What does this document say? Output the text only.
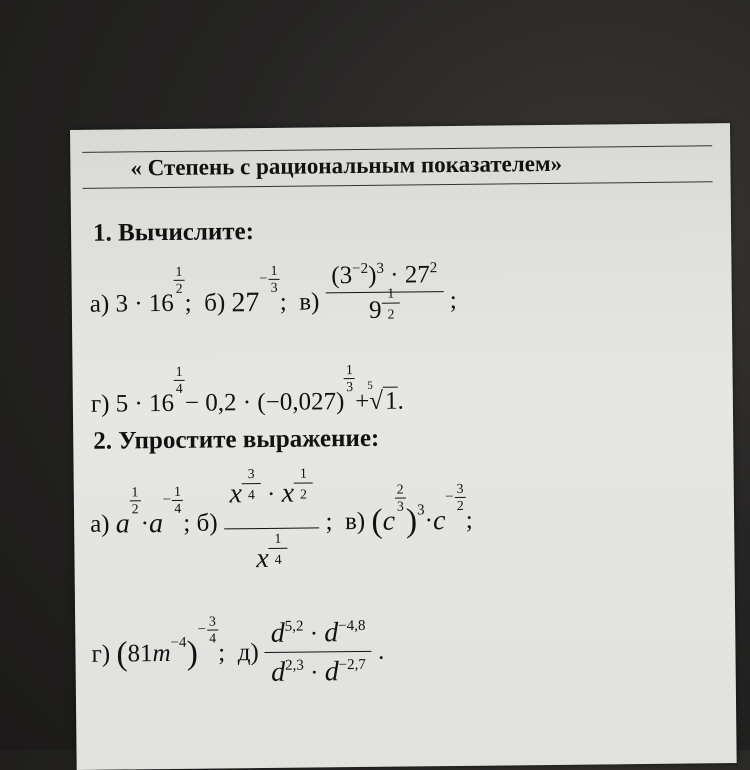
« Степень с рациональным показателем»
1. Вычислите:
а)
3 · 16
$\frac{1}{2}$
;
б)
27
− $\frac{1}{3}$
;
в)
$\frac{(3^{-2})^3 \cdot 27^2}{9 \frac{1}{2}}$
;
г)
5 · 16
$\frac{1}{4}$
− 0,2 · (−0,027)
$\frac{1}{3}$
+
5
√1 .
2. Упростите выражение:
а)
a
$\frac{1}{2}$
· a
− $\frac{1}{4}$
;
б)

x $\frac{3}{4} \cdot x \frac{1}{2}$
x $\frac{1}{4}$

;
в)
( c
$\frac{2}{3}$
) 3 · c
− $\frac{3}{2}$
;
г)
( 81 m −4 )
− $\frac{3}{4}$
;
д)

$d^{5,2} \cdot d^{-4,8}$
$d^{2,3} \cdot d^{-2,7}$

.
